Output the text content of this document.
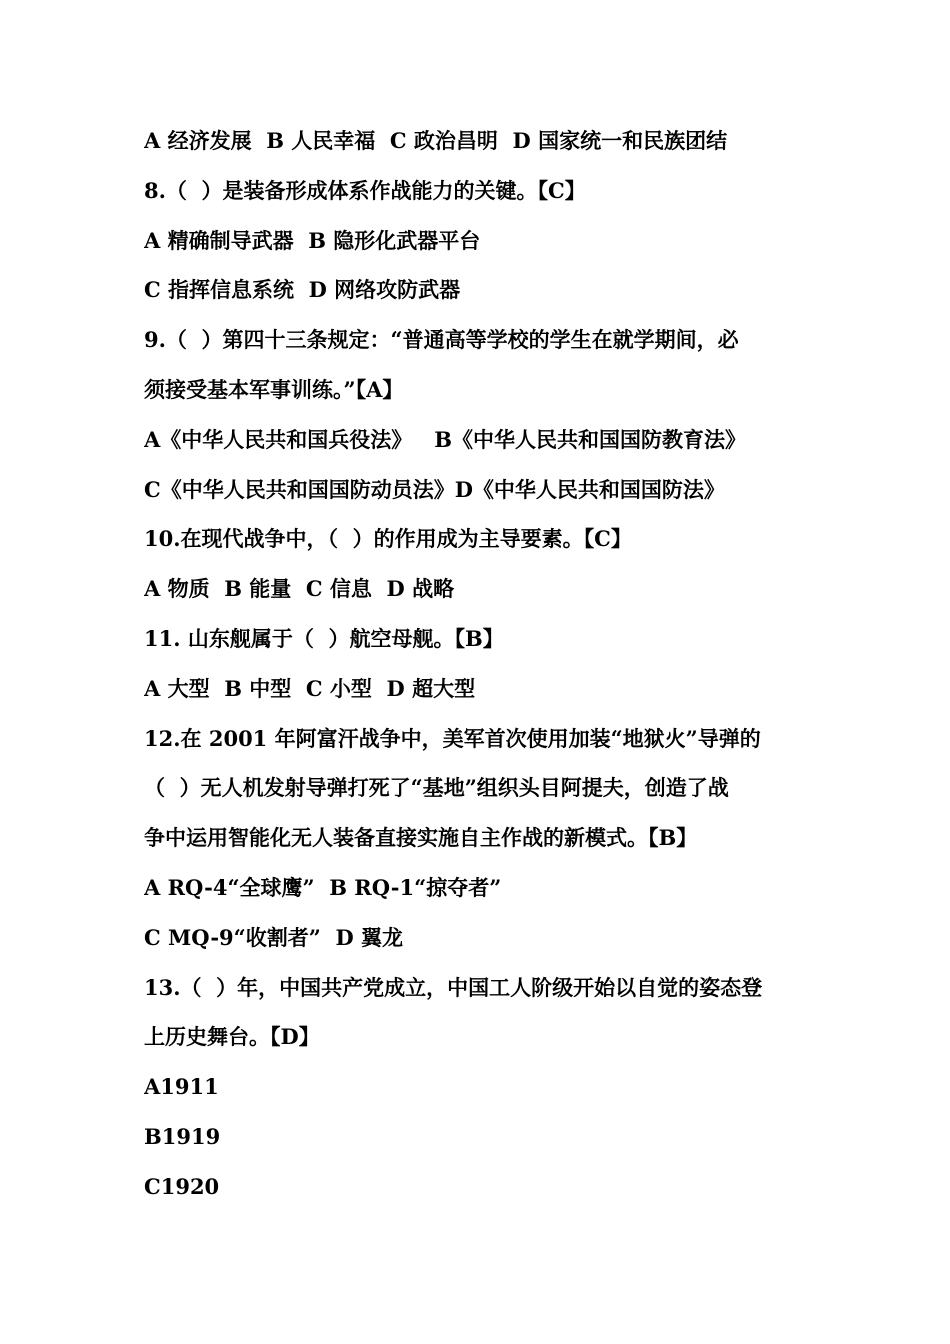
A 经济发展  B 人民幸福  C 政治昌明  D 国家统一和民族团结
8.（  ）是装备形成体系作战能力的关键。【C】
A 精确制导武器  B 隐形化武器平台
C 指挥信息系统  D 网络攻防武器
9.（  ）第四十三条规定：“普通高等学校的学生在就学期间，必
须接受基本军事训练。”【A】
A《中华人民共和国兵役法》   B《中华人民共和国国防教育法》
C《中华人民共和国国防动员法》D《中华人民共和国国防法》
10.在现代战争中，（  ）的作用成为主导要素。【C】
A 物质  B 能量  C 信息  D 战略
11. 山东舰属于（  ）航空母舰。【B】
A 大型  B 中型  C 小型  D 超大型
12.在 2001 年阿富汗战争中，美军首次使用加装“地狱火”导弹的
（  ）无人机发射导弹打死了“基地”组织头目阿提夫，创造了战
争中运用智能化无人装备直接实施自主作战的新模式。【B】
A RQ-4“全球鹰”  B RQ-1“掠夺者”
C MQ-9“收割者”  D 翼龙
13.（  ）年，中国共产党成立，中国工人阶级开始以自觉的姿态登
上历史舞台。【D】
A1911
B1919
C1920
